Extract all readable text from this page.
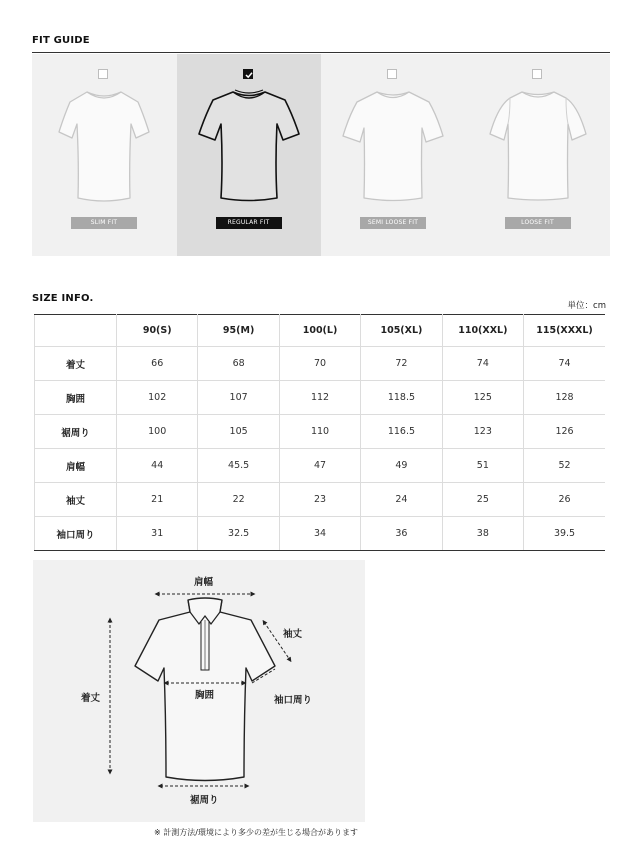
FIT GUIDE
SLIM FIT	REGULAR FIT	SEMI LOOSE FIT	LOOSE FIT
SIZE INFO.
単位：cm
	90(S)	95(M)	100(L)	105(XL)	110(XXL)	115(XXXL)
着丈	66	68	70	72	74	74
胸囲	102	107	112	118.5	125	128
裾周り	100	105	110	116.5	123	126
肩幅	44	45.5	47	49	51	52
袖丈	21	22	23	24	25	26
袖口周り	31	32.5	34	36	38	39.5
肩幅
袖丈
胸囲	袖口周り
着丈
裾周り
※ 計測方法/環境により多少の差が生じる場合があります
